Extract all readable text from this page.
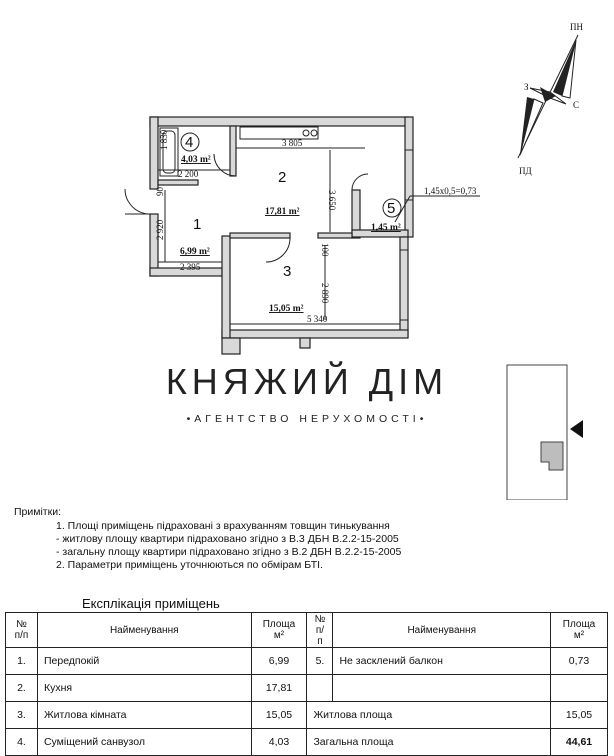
4
5
1
2
3
4,03 m²
1,45 m²
6,99 m²
17,81 m²
15,05 m²
1 830
2 200
90
2 920
2 395
3 805
3 650
100
2 890
5 340
1,45x0,5=0,73
ПН
ПД
З
С
КНЯЖИЙ ДІМ
•АГЕНТСТВО НЕРУХОМОСТІ•
Примітки:
1. Площі приміщень підраховані з врахуванням товщин тинькування
- житлову площу квартири підраховано згідно з В.3 ДБН В.2.2-15-2005
- загальну площу квартири підраховано згідно з В.2 ДБН В.2.2-15-2005
2. Параметри приміщень уточнюються по обмірам БТІ.
Експлікація приміщень
№ п/п	Найменування	Площа м²	№ п/п	Найменування	Площа м²
1.	Передпокій	6,99	5.	Не засклений балкон	0,73
2.	Кухня	17,81			
3.	Житлова кімната	15,05	Житлова площа		15,05
4.	Суміщений санвузол	4,03	Загальна площа		44,61
